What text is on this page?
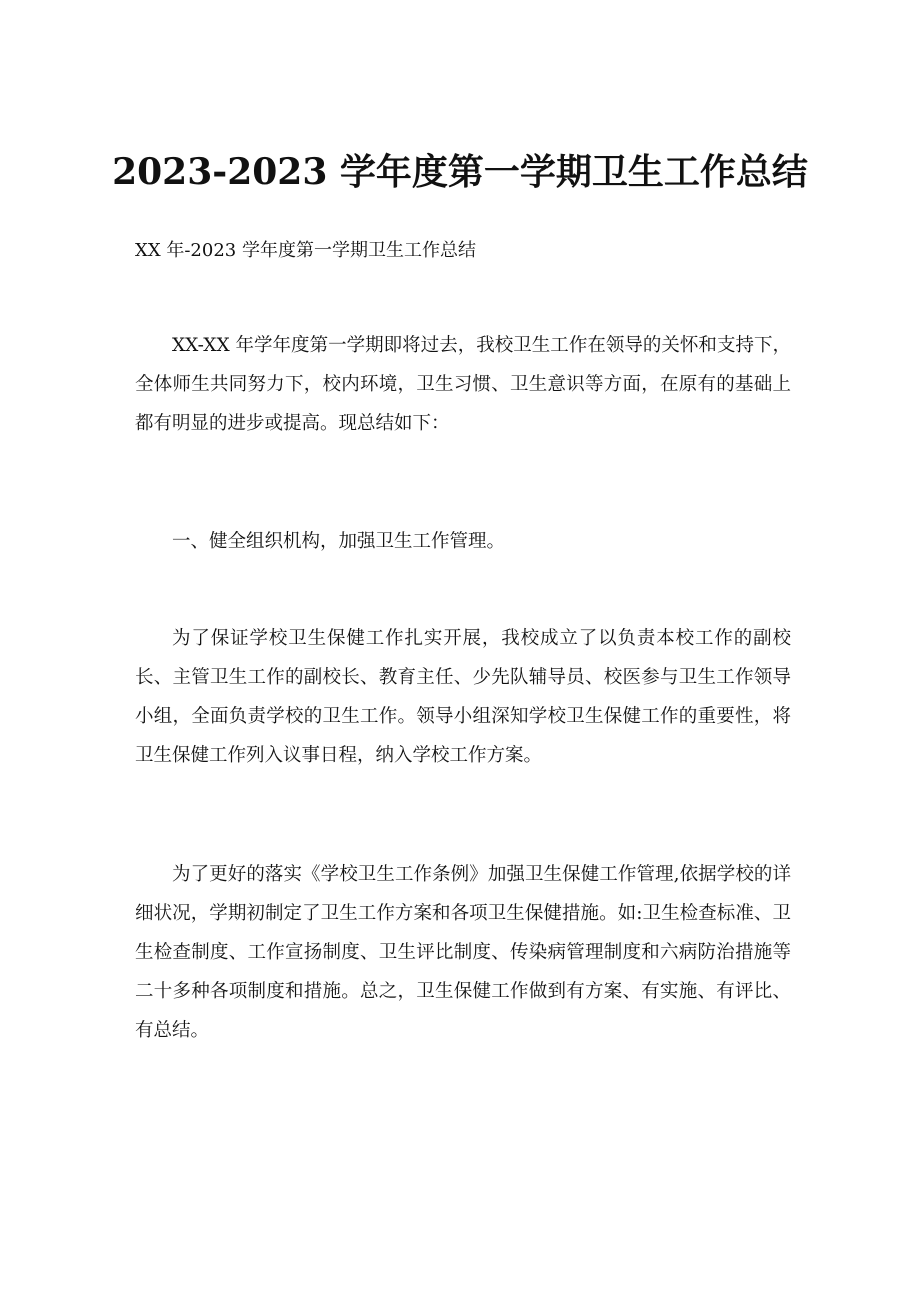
2023-2023 学年度第一学期卫生工作总结

XX 年-2023 学年度第一学期卫生工作总结

XX-XX 年学年度第一学期即将过去，我校卫生工作在领导的关怀和支持下，全体师生共同努力下，校内环境，卫生习惯、卫生意识等方面，在原有的基础上都有明显的进步或提高。现总结如下：

一、健全组织机构，加强卫生工作管理。

为了保证学校卫生保健工作扎实开展，我校成立了以负责本校工作的副校长、主管卫生工作的副校长、教育主任、少先队辅导员、校医参与卫生工作领导小组，全面负责学校的卫生工作。领导小组深知学校卫生保健工作的重要性，将卫生保健工作列入议事日程，纳入学校工作方案。

为了更好的落实《学校卫生工作条例》加强卫生保健工作管理,依据学校的详细状况，学期初制定了卫生工作方案和各项卫生保健措施。如:卫生检查标准、卫生检查制度、工作宣扬制度、卫生评比制度、传染病管理制度和六病防治措施等二十多种各项制度和措施。总之，卫生保健工作做到有方案、有实施、有评比、有总结。
